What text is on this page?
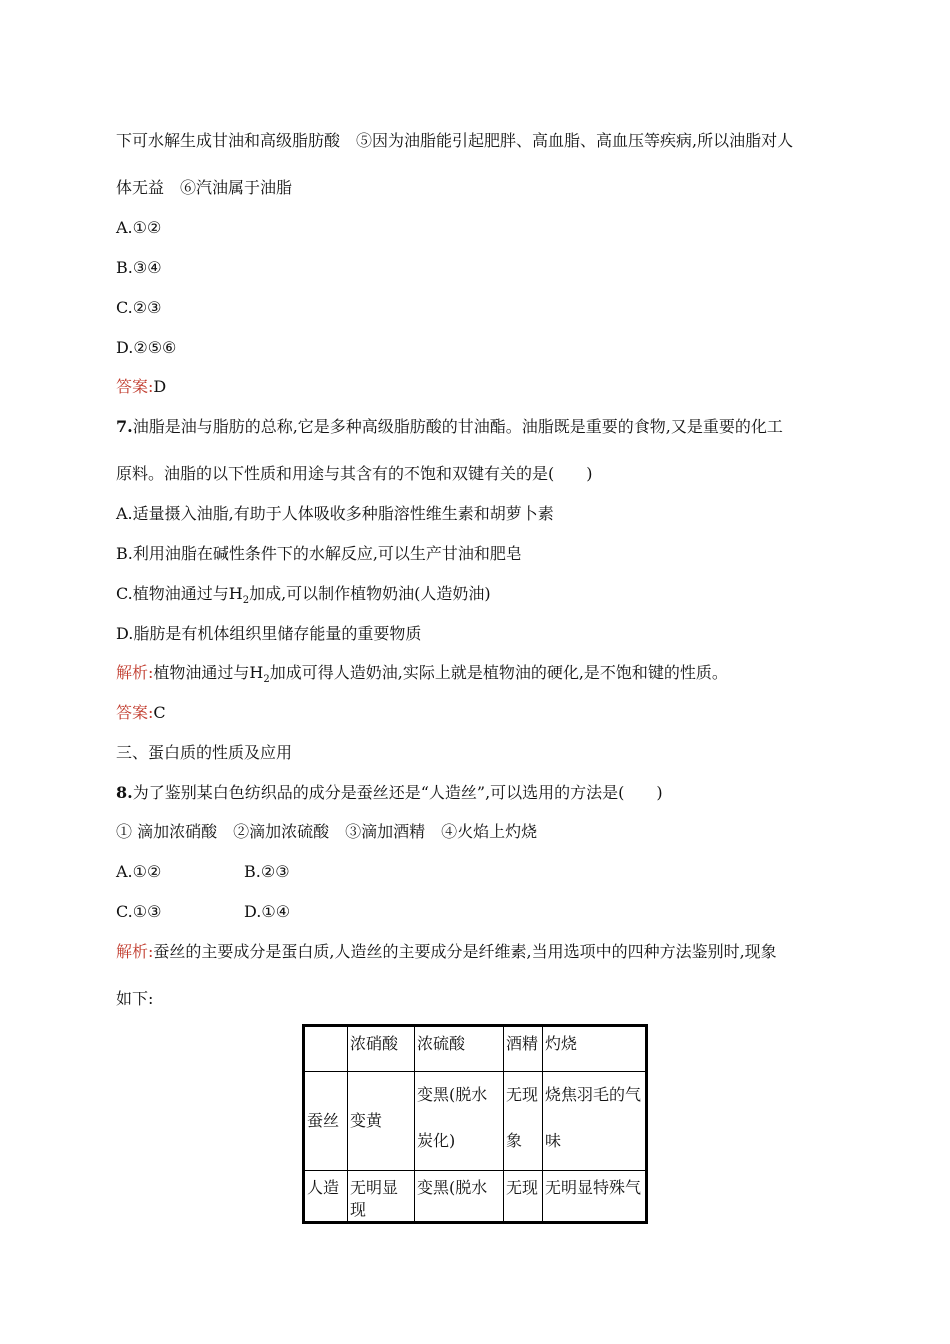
下可水解生成甘油和高级脂肪酸　⑤因为油脂能引起肥胖、高血脂、高血压等疾病,所以油脂对人
体无益　⑥汽油属于油脂
A.①②
B.③④
C.②③
D.②⑤⑥
答案:D
7.油脂是油与脂肪的总称,它是多种高级脂肪酸的甘油酯。油脂既是重要的食物,又是重要的化工
原料。油脂的以下性质和用途与其含有的不饱和双键有关的是(　　)
A.适量摄入油脂,有助于人体吸收多种脂溶性维生素和胡萝卜素
B.利用油脂在碱性条件下的水解反应,可以生产甘油和肥皂
C.植物油通过与$H_2$加成,可以制作植物奶油(人造奶油)
D.脂肪是有机体组织里储存能量的重要物质
解析:植物油通过与$H_2$加成可得人造奶油,实际上就是植物油的硬化,是不饱和键的性质。
答案:C
三、蛋白质的性质及应用
8.为了鉴别某白色纺织品的成分是蚕丝还是“人造丝”,可以选用的方法是(　　)
① 滴加浓硝酸　②滴加浓硫酸　③滴加酒精　④火焰上灼烧
A.①②	B.②③
C.①③	D.①④
解析:蚕丝的主要成分是蛋白质,人造丝的主要成分是纤维素,当用选项中的四种方法鉴别时,现象
如下:
	浓硝酸	浓硫酸	酒精	灼烧
蚕丝	变黄	变黑(脱水炭化)	无现象	烧焦羽毛的气味
人造	无明显现	变黑(脱水	无现	无明显特殊气
